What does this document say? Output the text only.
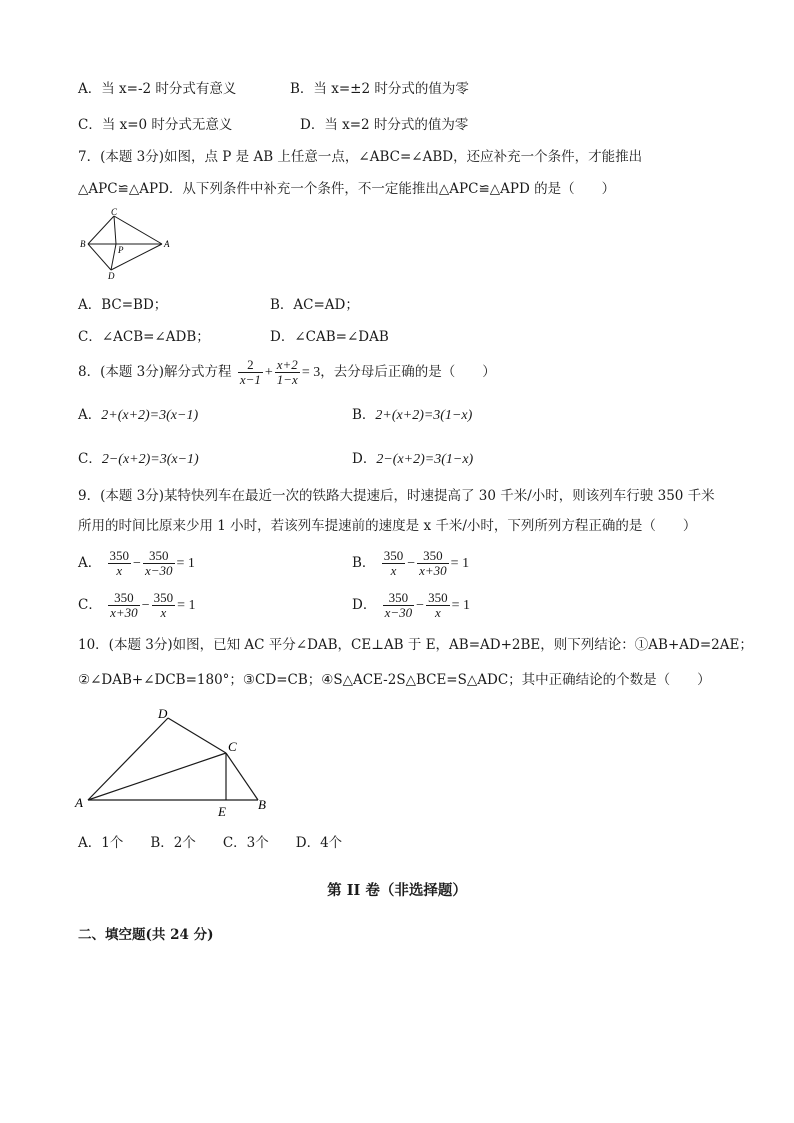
A．当 x=-2 时分式有意义	B．当 x=±2 时分式的值为零
C．当 x=0 时分式无意义	D．当 x=2 时分式的值为零
7．(本题 3分)如图，点 P 是 AB 上任意一点，∠ABC=∠ABD，还应补充一个条件，才能推出
△APC≌△APD．从下列条件中补充一个条件，不一定能推出△APC≌△APD 的是（　　）
C
B
P
A
D
A．BC=BD；	B．AC=AD；
C．∠ACB=∠ADB；	D．∠CAB=∠DAB
8．(本题 3分)解分式方程 $\frac{2}{x-1} + \frac{x+2}{1-x} = 3$，去分母后正确的是（　　）
A．2+(x+2)=3(x−1)	B．2+(x+2)=3(1−x)
C．2−(x+2)=3(x−1)	D．2−(x+2)=3(1−x)
9．(本题 3分)某特快列车在最近一次的铁路大提速后，时速提高了 30 千米/小时，则该列车行驶 350 千米
所用的时间比原来少用 1 小时，若该列车提速前的速度是 x 千米/小时，下列所列方程正确的是（　　）
A． $\frac{350}{x} - \frac{350}{x-30} = 1$	B． $\frac{350}{x} - \frac{350}{x+30} = 1$
C． $\frac{350}{x+30} - \frac{350}{x} = 1$	D． $\frac{350}{x-30} - \frac{350}{x} = 1$
10．(本题 3分)如图，已知 AC 平分∠DAB，CE⊥AB 于 E，AB=AD+2BE，则下列结论：①AB+AD=2AE；
②∠DAB+∠DCB=180°；③CD=CB；④S△ACE-2S△BCE=S△ADC；其中正确结论的个数是（　　）
D
C
A
E B
A．1个　　B．2个　　C．3个　　D．4个
第 II 卷（非选择题）
二、填空题(共 24 分)
